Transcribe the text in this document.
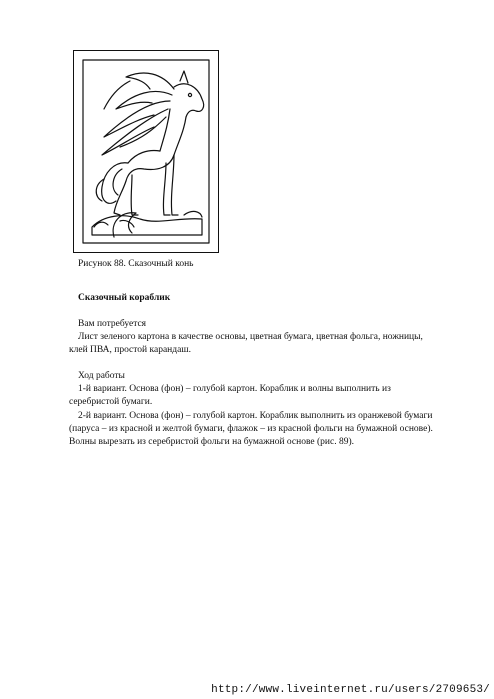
Рисунок 88. Сказочный конь
Сказочный кораблик

Вам потребуется

Лист зеленого картона в качестве основы, цветная бумага, цветная фольга, ножницы,

клей ПВА, простой карандаш.

Ход работы

1-й вариант. Основа (фон) – голубой картон. Кораблик и волны выполнить из

серебристой бумаги.

2-й вариант. Основа (фон) – голубой картон. Кораблик выполнить из оранжевой бумаги

(паруса – из красной и желтой бумаги, флажок – из красной фольги на бумажной основе).

Волны вырезать из серебристой фольги на бумажной основе (рис. 89).

http://www.liveinternet.ru/users/2709653/
